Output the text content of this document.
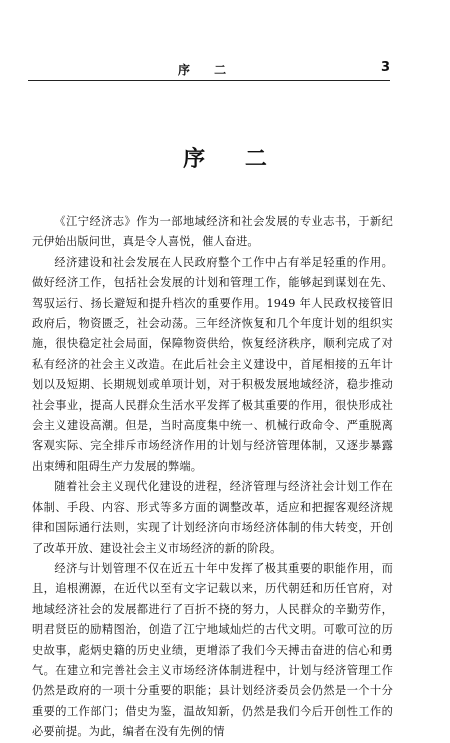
序 二	3
序 二

《江宁经济志》作为一部地域经济和社会发展的专业志书，于新纪元伊始出版问世，真是令人喜悦，催人奋进。

经济建设和社会发展在人民政府整个工作中占有举足轻重的作用。做好经济工作，包括社会发展的计划和管理工作，能够起到谋划在先、驾驭运行、扬长避短和提升档次的重要作用。1949 年人民政权接管旧政府后，物资匮乏，社会动荡。三年经济恢复和几个年度计划的组织实施，很快稳定社会局面，保障物资供给，恢复经济秩序，顺利完成了对私有经济的社会主义改造。在此后社会主义建设中，首尾相接的五年计划以及短期、长期规划或单项计划，对于积极发展地域经济，稳步推动社会事业，提高人民群众生活水平发挥了极其重要的作用，很快形成社会主义建设高潮。但是，当时高度集中统一、机械行政命令、严重脱离客观实际、完全排斥市场经济作用的计划与经济管理体制，又逐步暴露出束缚和阻碍生产力发展的弊端。

随着社会主义现代化建设的进程，经济管理与经济社会计划工作在体制、手段、内容、形式等多方面的调整改革，适应和把握客观经济规律和国际通行法则，实现了计划经济向市场经济体制的伟大转变，开创了改革开放、建设社会主义市场经济的新的阶段。

经济与计划管理不仅在近五十年中发挥了极其重要的职能作用，而且，追根溯源，在近代以至有文字记载以来，历代朝廷和历任官府，对地域经济社会的发展都进行了百折不挠的努力，人民群众的辛勤劳作，明君贤臣的励精图治，创造了江宁地域灿烂的古代文明。可歌可泣的历史故事，彪炳史籍的历史业绩，更增添了我们今天搏击奋进的信心和勇气。在建立和完善社会主义市场经济体制进程中，计划与经济管理工作仍然是政府的一项十分重要的职能；县计划经济委员会仍然是一个十分重要的工作部门；借史为鉴，温故知新，仍然是我们今后开创性工作的必要前提。为此，编者在没有先例的情
